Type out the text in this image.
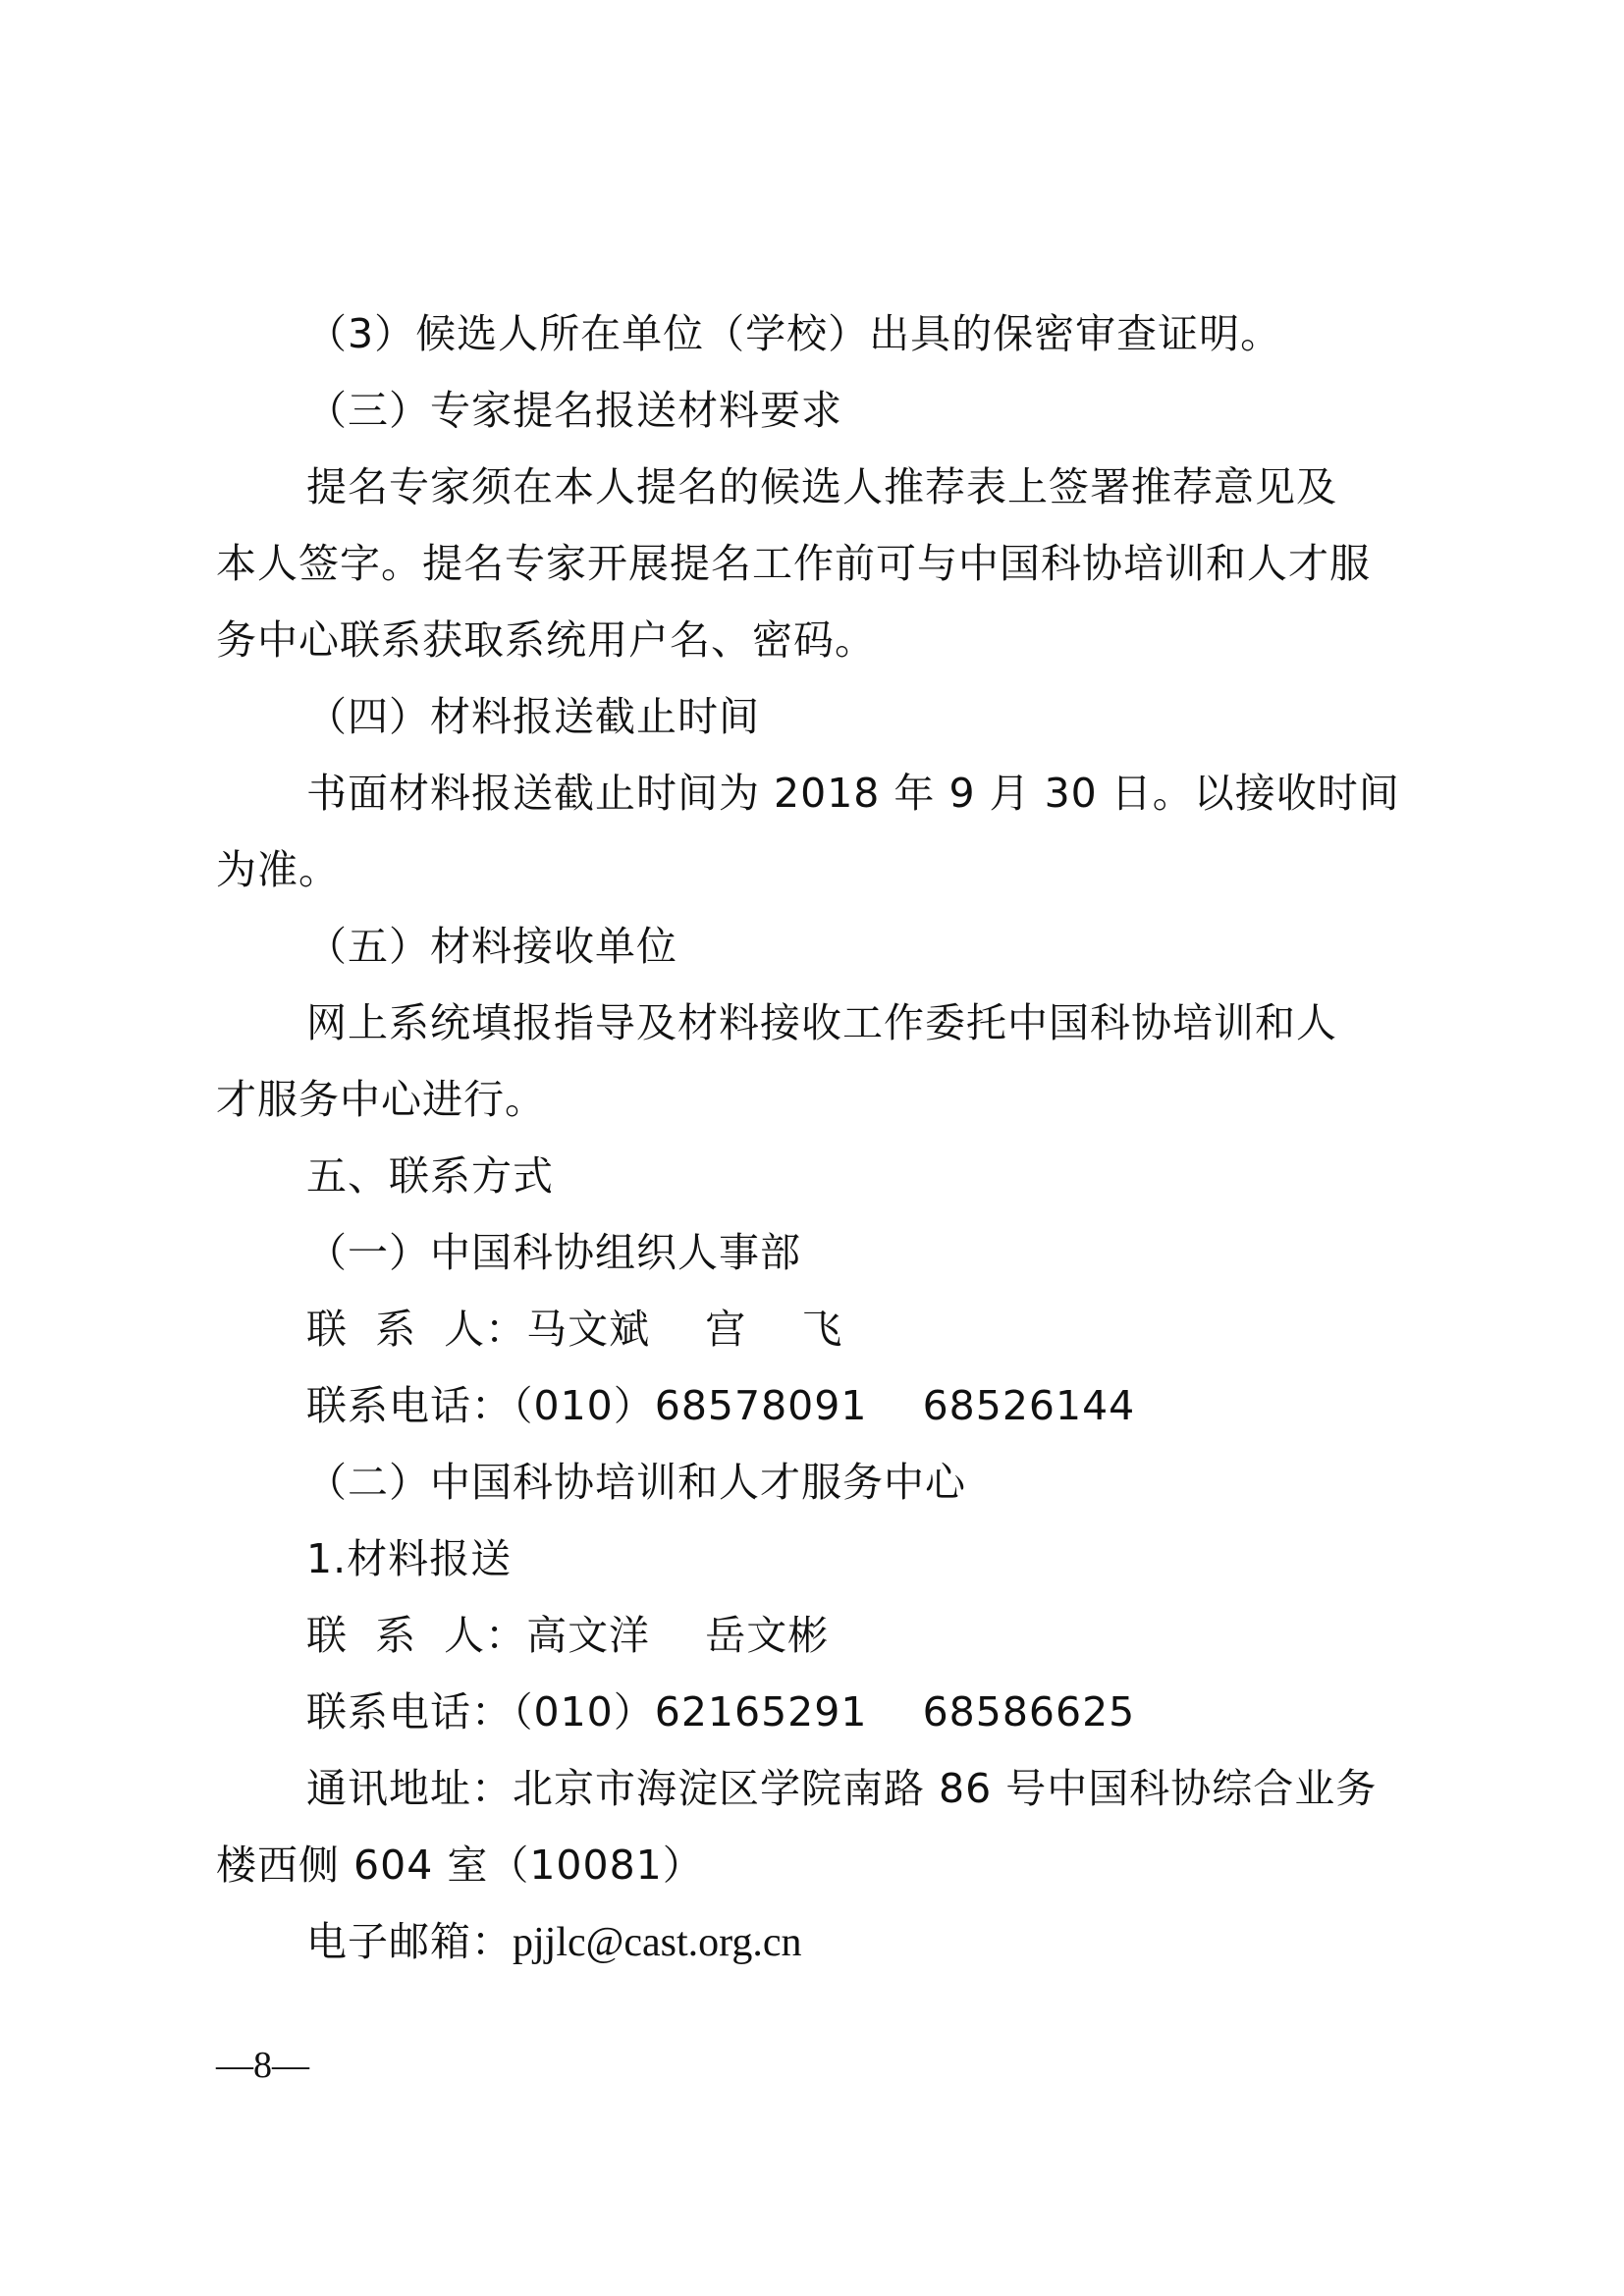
（3）候选人所在单位（学校）出具的保密审查证明。
（三）专家提名报送材料要求
提名专家须在本人提名的候选人推荐表上签署推荐意见及
本人签字。提名专家开展提名工作前可与中国科协培训和人才服
务中心联系获取系统用户名、密码。
（四）材料报送截止时间
书面材料报送截止时间为 2018 年 9 月 30 日。以接收时间
为准。
（五）材料接收单位
网上系统填报指导及材料接收工作委托中国科协培训和人
才服务中心进行。
五、联系方式
（一）中国科协组织人事部
联  系  人：马文斌    宫    飞
联系电话：（010）68578091    68526144
（二）中国科协培训和人才服务中心
1.材料报送
联  系  人：高文洋    岳文彬
联系电话：（010）62165291    68586625
通讯地址：北京市海淀区学院南路 86 号中国科协综合业务
楼西侧 604 室（10081）
电子邮箱：pjjlc@cast.org.cn
—8—
